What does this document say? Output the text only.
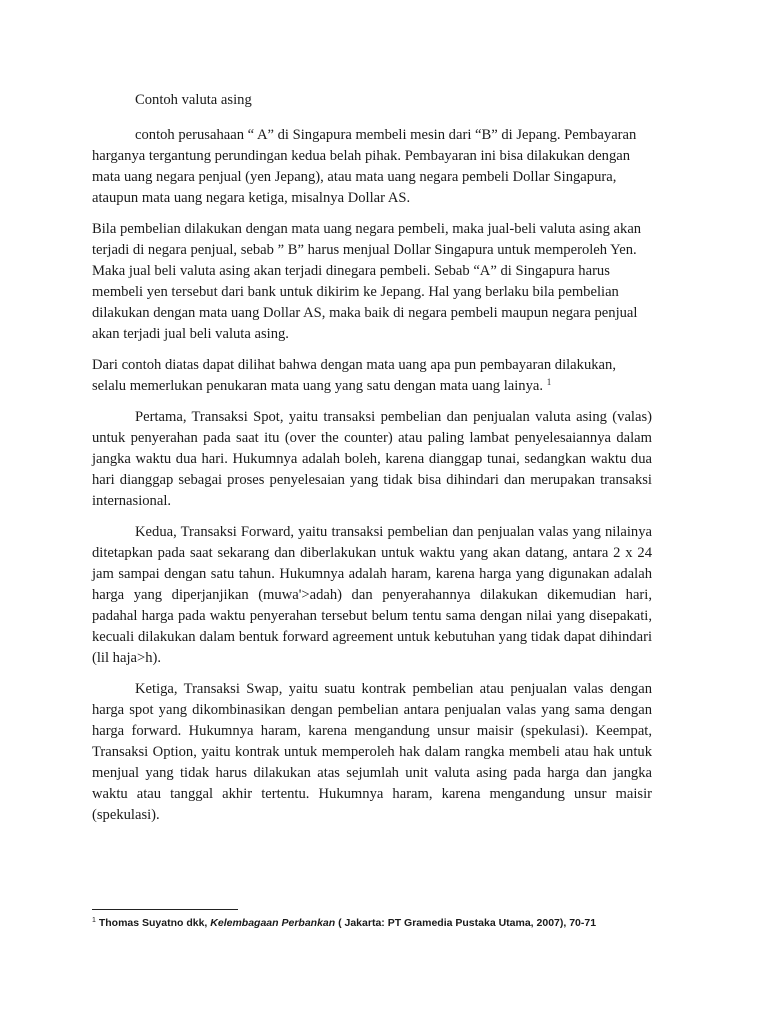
Contoh valuta asing

contoh perusahaan “ A” di Singapura membeli mesin dari “B” di Jepang. Pembayaran harganya tergantung perundingan kedua belah pihak. Pembayaran ini bisa dilakukan dengan mata uang negara penjual (yen Jepang), atau mata uang negara pembeli Dollar Singapura, ataupun mata uang negara ketiga, misalnya Dollar AS.

Bila pembelian dilakukan dengan mata uang negara pembeli, maka jual-beli valuta asing akan terjadi di negara penjual, sebab ” B” harus menjual Dollar Singapura untuk memperoleh Yen. Maka jual beli valuta asing akan terjadi dinegara pembeli. Sebab “A” di Singapura harus membeli yen tersebut dari bank untuk dikirim ke Jepang. Hal yang berlaku bila pembelian dilakukan dengan mata uang Dollar AS, maka baik di negara pembeli maupun negara penjual akan terjadi jual beli valuta asing.

Dari contoh diatas dapat dilihat bahwa dengan mata uang apa pun pembayaran dilakukan, selalu memerlukan penukaran mata uang yang satu dengan mata uang lainya. $^1$

Pertama, Transaksi Spot, yaitu transaksi pembelian dan penjualan valuta asing (valas) untuk penyerahan pada saat itu (over the counter) atau paling lambat penyelesaiannya dalam jangka waktu dua hari. Hukumnya adalah boleh, karena dianggap tunai, sedangkan waktu dua hari dianggap sebagai proses penyelesaian yang tidak bisa dihindari dan merupakan transaksi internasional.

Kedua, Transaksi Forward, yaitu transaksi pembelian dan penjualan valas yang nilainya ditetapkan pada saat sekarang dan diberlakukan untuk waktu yang akan datang, antara 2 x 24 jam sampai dengan satu tahun. Hukumnya adalah haram, karena harga yang digunakan adalah harga yang diperjanjikan (muwa'>adah) dan penyerahannya dilakukan dikemudian hari, padahal harga pada waktu penyerahan tersebut belum tentu sama dengan nilai yang disepakati, kecuali dilakukan dalam bentuk forward agreement untuk kebutuhan yang tidak dapat dihindari (lil haja>h).

Ketiga, Transaksi Swap, yaitu suatu kontrak pembelian atau penjualan valas dengan harga spot yang dikombinasikan dengan pembelian antara penjualan valas yang sama dengan harga forward. Hukumnya haram, karena mengandung unsur maisir (spekulasi). Keempat, Transaksi Option, yaitu kontrak untuk memperoleh hak dalam rangka membeli atau hak untuk menjual yang tidak harus dilakukan atas sejumlah unit valuta asing pada harga dan jangka waktu atau tanggal akhir tertentu. Hukumnya haram, karena mengandung unsur maisir (spekulasi).

$^1$ Thomas Suyatno dkk, Kelembagaan Perbankan ( Jakarta: PT Gramedia Pustaka Utama, 2007), 70-71
